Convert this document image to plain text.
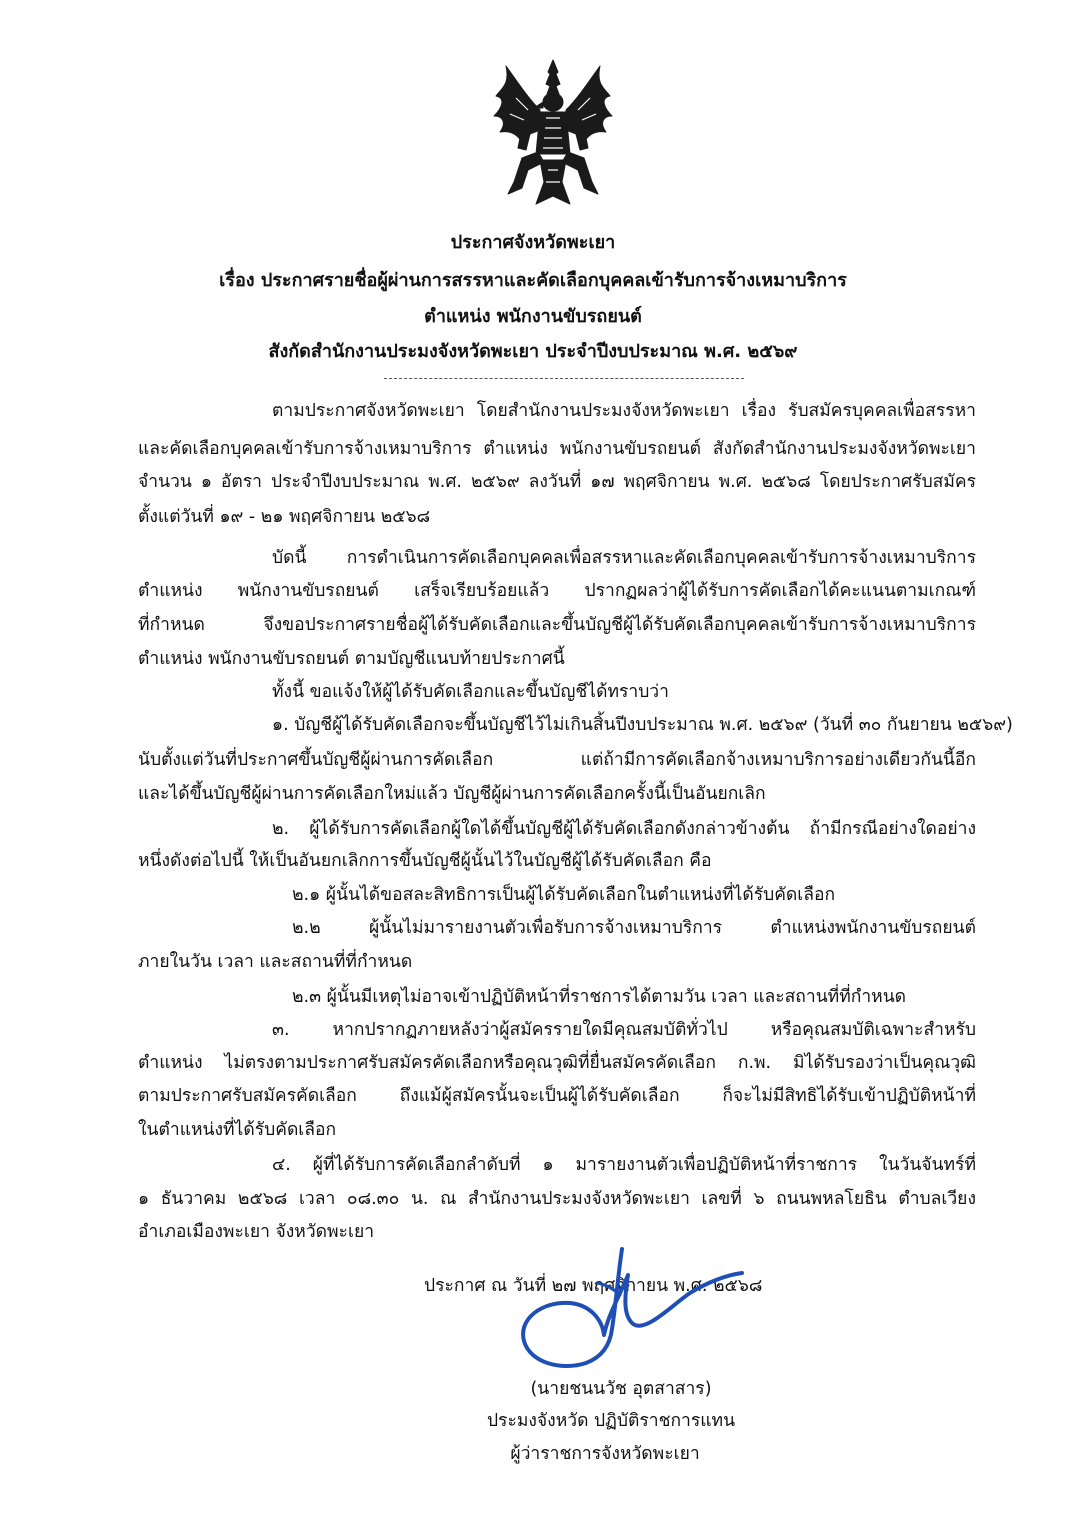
ประกาศจังหวัดพะเยา
เรื่อง ประกาศรายชื่อผู้ผ่านการสรรหาและคัดเลือกบุคคลเข้ารับการจ้างเหมาบริการ
ตำแหน่ง พนักงานขับรถยนต์
สังกัดสำนักงานประมงจังหวัดพะเยา ประจำปีงบประมาณ พ.ศ. ๒๕๖๙
ตามประกาศจังหวัดพะเยา โดยสำนักงานประมงจังหวัดพะเยา เรื่อง รับสมัครบุคคลเพื่อสรรหา
และคัดเลือกบุคคลเข้ารับการจ้างเหมาบริการ ตำแหน่ง พนักงานขับรถยนต์ สังกัดสำนักงานประมงจังหวัดพะเยา
จำนวน ๑ อัตรา ประจำปีงบประมาณ พ.ศ. ๒๕๖๙ ลงวันที่ ๑๗ พฤศจิกายน พ.ศ. ๒๕๖๘ โดยประกาศรับสมัคร
ตั้งแต่วันที่ ๑๙ - ๒๑ พฤศจิกายน ๒๕๖๘
บัดนี้ การดำเนินการคัดเลือกบุคคลเพื่อสรรหาและคัดเลือกบุคคลเข้ารับการจ้างเหมาบริการ
ตำแหน่ง พนักงานขับรถยนต์ เสร็จเรียบร้อยแล้ว ปรากฏผลว่าผู้ได้รับการคัดเลือกได้คะแนนตามเกณฑ์
ที่กำหนด จึงขอประกาศรายชื่อผู้ได้รับคัดเลือกและขึ้นบัญชีผู้ได้รับคัดเลือกบุคคลเข้ารับการจ้างเหมาบริการ
ตำแหน่ง พนักงานขับรถยนต์ ตามบัญชีแนบท้ายประกาศนี้
ทั้งนี้ ขอแจ้งให้ผู้ได้รับคัดเลือกและขึ้นบัญชีได้ทราบว่า
๑. บัญชีผู้ได้รับคัดเลือกจะขึ้นบัญชีไว้ไม่เกินสิ้นปีงบประมาณ พ.ศ. ๒๕๖๙ (วันที่ ๓๐ กันยายน ๒๕๖๙)
นับตั้งแต่วันที่ประกาศขึ้นบัญชีผู้ผ่านการคัดเลือก แต่ถ้ามีการคัดเลือกจ้างเหมาบริการอย่างเดียวกันนี้อีก
และได้ขึ้นบัญชีผู้ผ่านการคัดเลือกใหม่แล้ว บัญชีผู้ผ่านการคัดเลือกครั้งนี้เป็นอันยกเลิก
๒. ผู้ได้รับการคัดเลือกผู้ใดได้ขึ้นบัญชีผู้ได้รับคัดเลือกดังกล่าวข้างต้น ถ้ามีกรณีอย่างใดอย่าง
หนึ่งดังต่อไปนี้ ให้เป็นอันยกเลิกการขึ้นบัญชีผู้นั้นไว้ในบัญชีผู้ได้รับคัดเลือก คือ
๒.๑ ผู้นั้นได้ขอสละสิทธิการเป็นผู้ได้รับคัดเลือกในตำแหน่งที่ได้รับคัดเลือก
๒.๒ ผู้นั้นไม่มารายงานตัวเพื่อรับการจ้างเหมาบริการ ตำแหน่งพนักงานขับรถยนต์
ภายในวัน เวลา และสถานที่ที่กำหนด
๒.๓ ผู้นั้นมีเหตุไม่อาจเข้าปฏิบัติหน้าที่ราชการได้ตามวัน เวลา และสถานที่ที่กำหนด
๓. หากปรากฏภายหลังว่าผู้สมัครรายใดมีคุณสมบัติทั่วไป หรือคุณสมบัติเฉพาะสำหรับ
ตำแหน่ง ไม่ตรงตามประกาศรับสมัครคัดเลือกหรือคุณวุฒิที่ยื่นสมัครคัดเลือก ก.พ. มิได้รับรองว่าเป็นคุณวุฒิ
ตามประกาศรับสมัครคัดเลือก ถึงแม้ผู้สมัครนั้นจะเป็นผู้ได้รับคัดเลือก ก็จะไม่มีสิทธิได้รับเข้าปฏิบัติหน้าที่
ในตำแหน่งที่ได้รับคัดเลือก
๔. ผู้ที่ได้รับการคัดเลือกลำดับที่ ๑ มารายงานตัวเพื่อปฏิบัติหน้าที่ราชการ ในวันจันทร์ที่
๑ ธันวาคม ๒๕๖๘ เวลา ๐๘.๓๐ น. ณ สำนักงานประมงจังหวัดพะเยา เลขที่ ๖ ถนนพหลโยธิน ตำบลเวียง
อำเภอเมืองพะเยา จังหวัดพะเยา
ประกาศ ณ วันที่ ๒๗ พฤศจิกายน พ.ศ. ๒๕๖๘
(นายชนนวัช อุตสาสาร)
ประมงจังหวัด ปฏิบัติราชการแทน
ผู้ว่าราชการจังหวัดพะเยา
